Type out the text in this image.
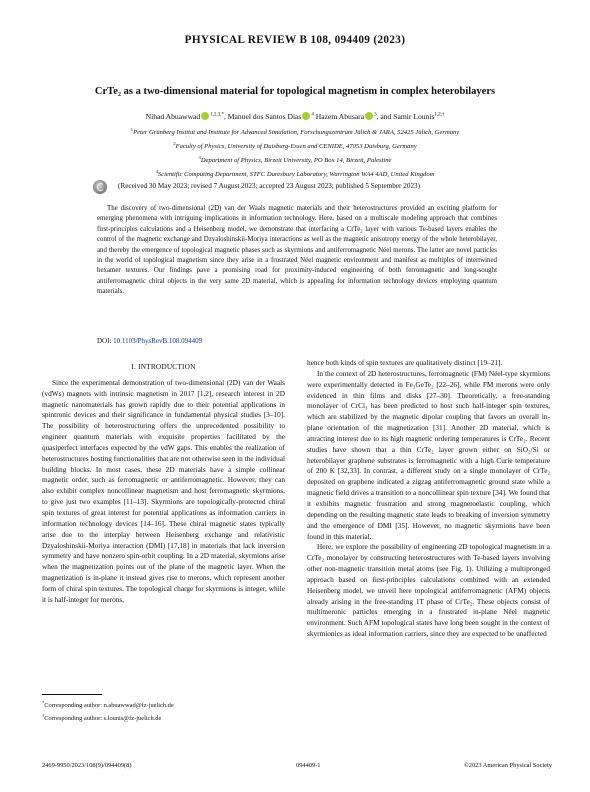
PHYSICAL REVIEW B 108, 094409 (2023)
CrTe₂ as a two-dimensional material for topological magnetism in complex heterobilayers
Nihad Abuawwad $^{1,2,3,*}$, Manuel dos Santos Dias $^4$ Hazem Abusara $^3$, and Samir Lounis$^{1,2,\dagger}$
$^1$Peter Grünberg Institut and Institute for Advanced Simulation, Forschungszentrum Jülich & JARA, 52425 Jülich, Germany
$^2$Faculty of Physics, University of Duisburg-Essen and CENIDE, 47053 Duisburg, Germany
$^3$Department of Physics, Birzeit University, PO Box 14, Birzeit, Palestine
$^4$Scientific Computing Department, STFC Daresbury Laboratory, Warrington WA4 4AD, United Kingdom
(Received 30 May 2023; revised 7 August 2023; accepted 23 August 2023; published 5 September 2023)
The discovery of two-dimensional (2D) van der Waals magnetic materials and their heterostructures provided an exciting platform for emerging phenomena with intriguing implications in information technology. Here, based on a multiscale modeling approach that combines first-principles calculations and a Heisenberg model, we demonstrate that interfacing a CrTe₂ layer with various Te-based layers enables the control of the magnetic exchange and Dzyaloshinskii-Moriya interactions as well as the magnetic anisotropy energy of the whole heterobilayer, and thereby the emergence of topological magnetic phases such as skyrmions and antiferromagnetic Néel merons. The latter are novel particles in the world of topological magnetism since they arise in a frustrated Néel magnetic environment and manifest as multiples of intertwined hexamer textures. Our findings pave a promising road for proximity-induced engineering of both ferromagnetic and long-sought antiferromagnetic chiral objects in the very same 2D material, which is appealing for information technology devices employing quantum materials.
DOI: 10.1103/PhysRevB.108.094409
I. INTRODUCTION

Since the experimental demonstration of two-dimensional (2D) van der Waals (vdWs) magnets with intrinsic magnetism in 2017 [1,2], research interest in 2D magnetic nanomaterials has grown rapidly due to their potential applications in spintronic devices and their significance in fundamental physical studies [3–10]. The possibility of heterostructuring offers the unprecedented possibility to engineer quantum materials with exquisite properties facilitated by the quasiperfect interfaces expected by the vdW gaps. This enables the realization of heterostructures hosting functionalities that are not otherwise seen in the individual building blocks. In most cases, these 2D materials have a simple collinear magnetic order, such as ferromagnetic or antiferromagnetic. However, they can also exhibit complex noncollinear magnetism and host ferromagnetic skyrmions, to give just two examples [11–13]. Skyrmions are topologically-protected chiral spin textures of great interest for potential applications as information carriers in information technology devices [14–16]. These chiral magnetic states typically arise due to the interplay between Heisenberg exchange and relativistic Dzyaloshinskii-Moriya interaction (DMI) [17,18] in materials that lack inversion symmetry and have nonzero spin-orbit coupling. In a 2D material, skyrmions arise when the magnetization points out of the plane of the magnetic layer. When the magnetization is in-plane it instead gives rise to merons, which represent another form of chiral spin textures. The topological charge for skyrmions is integer, while it is half-integer for merons,

hence both kinds of spin textures are qualitatively distinct [19–21].

In the context of 2D heterostructures, ferromagnetic (FM) Néel-type skyrmions were experimentally detected in Fe₃GeTe₂ [22–26], while FM merons were only evidenced in thin films and disks [27–30]. Theoretically, a free-standing monolayer of CrCl₃ has been predicted to host such half-integer spin textures, which are stabilized by the magnetic dipolar coupling that favors an overall in-plane orientation of the magnetization [31]. Another 2D material, which is attracting interest due to its high magnetic ordering temperatures is CrTe₂. Recent studies have shown that a thin CrTe₂ layer grown either on SiO₂/Si or heterobilayer graphene substrates is ferromagnetic with a high Curie temperature of 200 K [32,33]. In contrast, a different study on a single monolayer of CrTe₂ deposited on graphene indicated a zigzag antiferromagnetic ground state while a magnetic field drives a transition to a noncollinear spin texture [34]. We found that it exhibits magnetic frustration and strong magnetoelastic coupling, which depending on the resulting magnetic state leads to breaking of inversion symmetry and the emergence of DMI [35]. However, no magnetic skyrmions have been found in this material.

Here, we explore the possibility of engineering 2D topological magnetism in a CrTe₂ monolayer by constructing heterostructures with Te-based layers involving other non-magnetic transition metal atoms (see Fig. 1). Utilizing a multipronged approach based on first-principles calculations combined with an extended Heisenberg model, we unveil here topological antiferromagnetic (AFM) objects already arising in the free-standing 1T phase of CrTe₂. These objects consist of multimeronic particles emerging in a frustrated in-plane Néel magnetic environment. Such AFM topological states have long been sought in the context of skyrmionics as ideal information carriers, since they are expected to be unaffected

*Corresponding author: n.abuawwad@fz-juelich.de
†Corresponding author: s.lounis@fz-juelich.de
2469-9950/2023/108(9)/094409(8)	094409-1	©2023 American Physical Society
